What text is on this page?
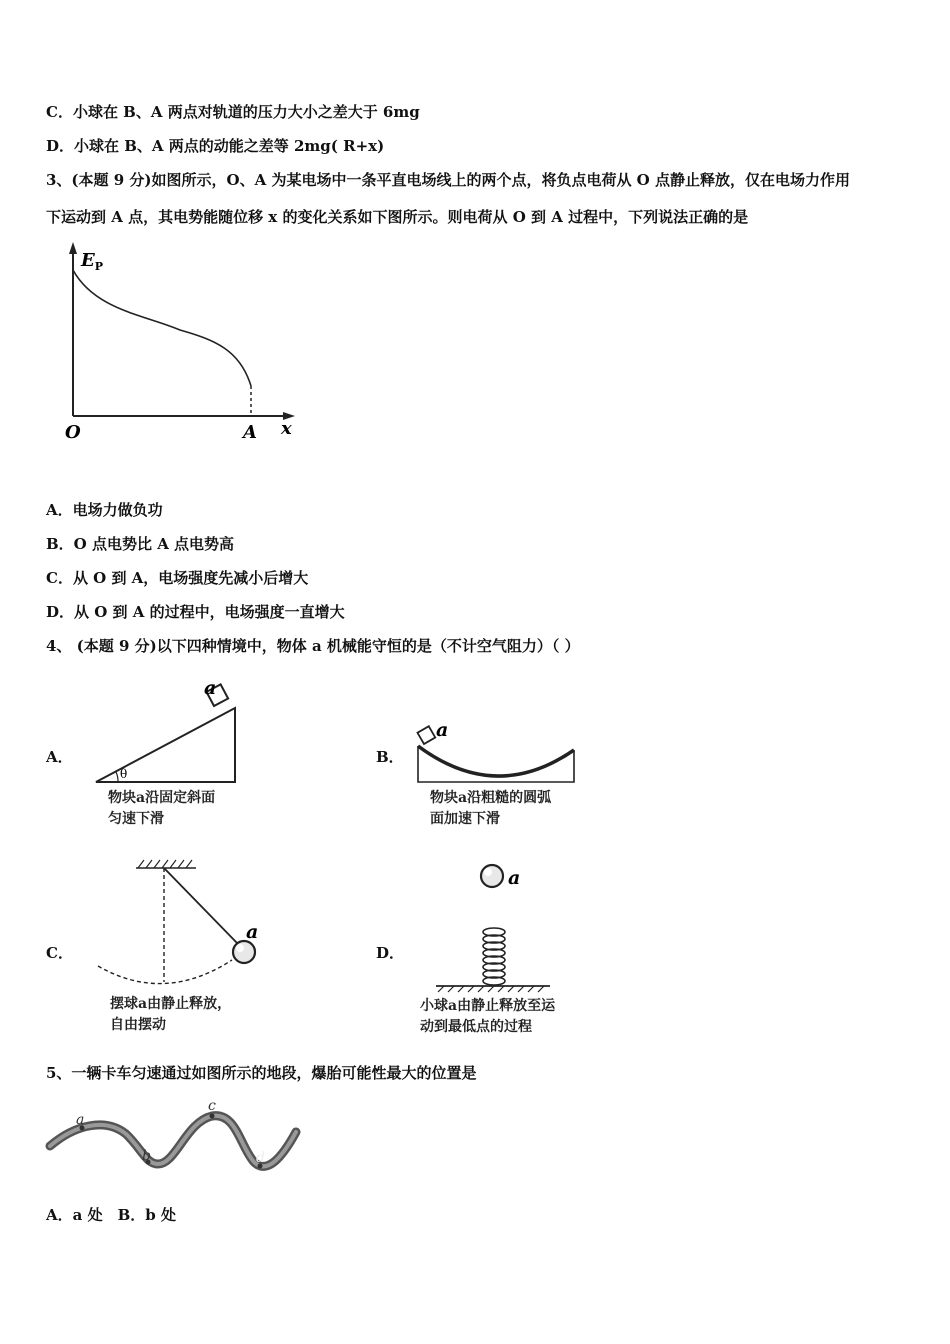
C．小球在 B、A 两点对轨道的压力大小之差大于 6mg
D．小球在 B、A 两点的动能之差等 2mg( R+x)
3、(本题 9 分)如图所示，O、A 为某电场中一条平直电场线上的两个点，将负点电荷从 O 点静止释放，仅在电场力作用
下运动到 A 点，其电势能随位移 x 的变化关系如下图所示。则电荷从 O 到 A 过程中，下列说法正确的是
$E_P$
O	A x
A．电场力做负功
B．O 点电势比 A 点电势高
C．从 O 到 A，电场强度先减小后增大
D．从 O 到 A 的过程中，电场强度一直增大
4、 (本题 9 分)以下四种情境中，物体 a 机械能守恒的是（不计空气阻力）（ ）
A．
θ
a
物块a沿固定斜面
匀速下滑
B．
a
物块a沿粗糙的圆弧
面加速下滑
C．
a
摆球a由静止释放，
自由摆动
D．
a
小球a由静止释放至运
动到最低点的过程
5、一辆卡车匀速通过如图所示的地段，爆胎可能性最大的位置是
a
b
c
d
A．a 处　B．b 处
